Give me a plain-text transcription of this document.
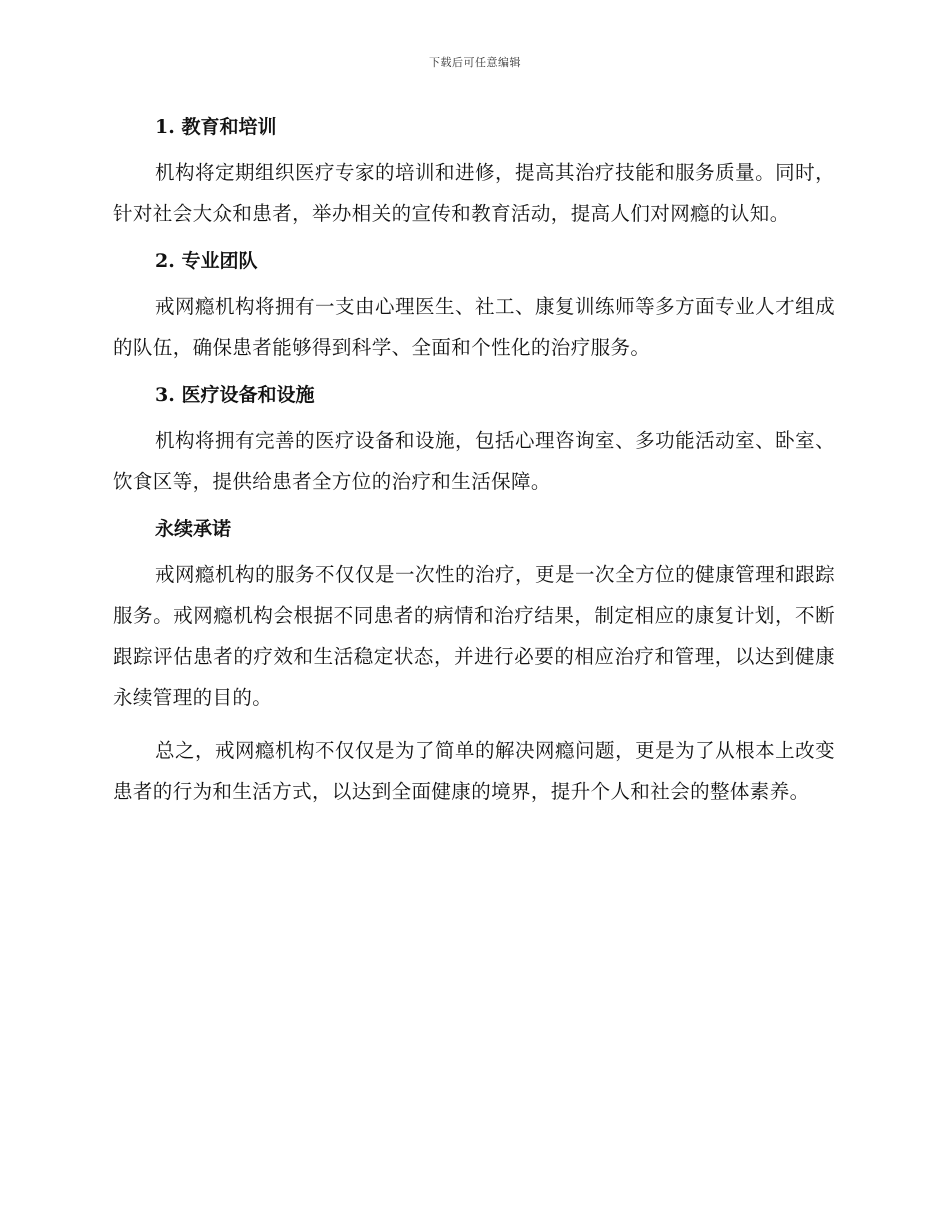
下载后可任意编辑
1. 教育和培训

机构将定期组织医疗专家的培训和进修，提高其治疗技能和服务质量。同时，针对社会大众和患者，举办相关的宣传和教育活动，提高人们对网瘾的认知。

2. 专业团队

戒网瘾机构将拥有一支由心理医生、社工、康复训练师等多方面专业人才组成的队伍，确保患者能够得到科学、全面和个性化的治疗服务。

3. 医疗设备和设施

机构将拥有完善的医疗设备和设施，包括心理咨询室、多功能活动室、卧室、饮食区等，提供给患者全方位的治疗和生活保障。

永续承诺

戒网瘾机构的服务不仅仅是一次性的治疗，更是一次全方位的健康管理和跟踪服务。戒网瘾机构会根据不同患者的病情和治疗结果，制定相应的康复计划，不断跟踪评估患者的疗效和生活稳定状态，并进行必要的相应治疗和管理，以达到健康永续管理的目的。

总之，戒网瘾机构不仅仅是为了简单的解决网瘾问题，更是为了从根本上改变患者的行为和生活方式，以达到全面健康的境界，提升个人和社会的整体素养。
